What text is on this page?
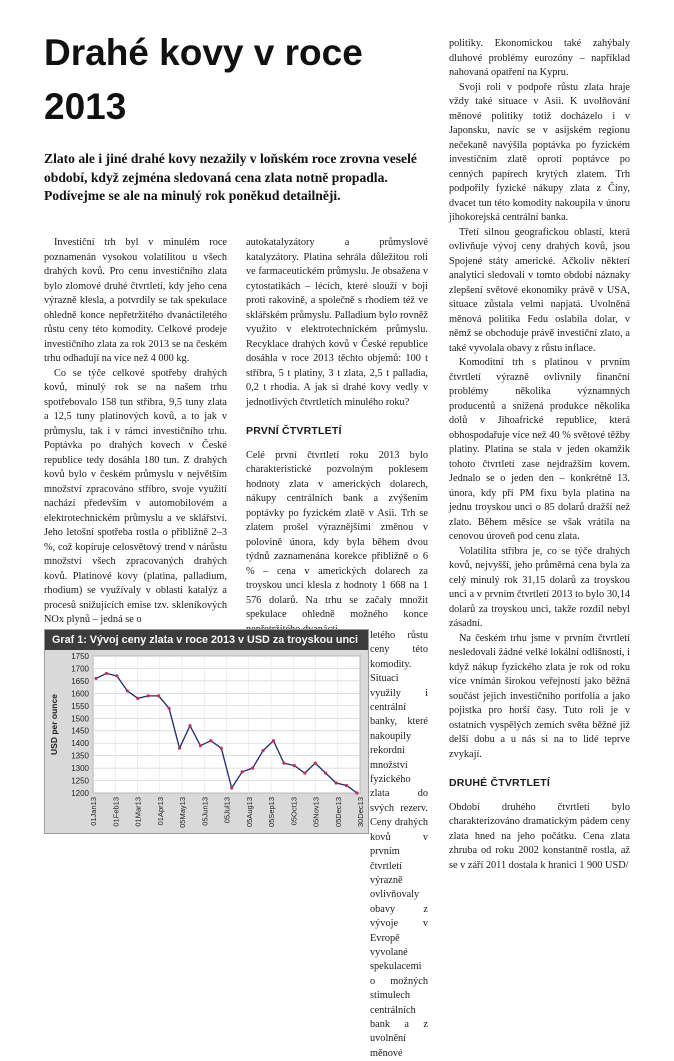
Drahé kovy v roce
2013

Zlato ale i jiné drahé kovy nezažily v loňském roce zrovna veselé období, když zejména sledovaná cena zlata notně propadla. Podívejme se ale na minulý rok poněkud detailněji.

Investiční trh byl v minulém roce poznamenán vysokou volatilitou u všech drahých kovů. Pro cenu investičního zlata bylo zlomové druhé čtvrtletí, kdy jeho cena výrazně klesla, a potvrdily se tak spekulace ohledně konce nepřetržitého dvanáctiletého růstu ceny této komodity. Celkové prodeje investičního zlata za rok 2013 se na českém trhu odhadují na více než 4 000 kg.

Co se týče celkové spotřeby drahých kovů, minulý rok se na našem trhu spotřebovalo 158 tun stříbra, 9,5 tuny zlata a 12,5 tuny platinových kovů, a to jak v průmyslu, tak i v rámci investičního trhu. Poptávka po drahých kovech v České republice tedy dosáhla 180 tun. Z drahých kovů bylo v českém průmyslu v největším množství zpracováno stříbro, svoje využití nachází především v automobilovém a elektrotechnickém průmyslu a ve sklářství. Jeho letošní spotřeba rostla o přibližně 2–3 %, což kopíruje celosvětový trend v nárůstu množství všech zpracovaných drahých kovů. Platinové kovy (platina, palladium, rhodium) se využívaly v oblasti katalýz a procesů snižujících emise tzv. skleníkových NOx plynů – jedná se o

autokatalyzátory a průmyslové katalyzátory. Platina sehrála důležitou roli ve farmaceutickém průmyslu. Je obsažena v cytostatikách – lécích, které slouží v boji proti rakovině, a společně s rhodiem též ve sklářském průmyslu. Palladium bylo rovněž využito v elektrotechnickém průmyslu. Recyklace drahých kovů v České republice dosáhla v roce 2013 těchto objemů: 100 t stříbra, 5 t platiny, 3 t zlata, 2,5 t palladia, 0,2 t rhodia. A jak si drahé kovy vedly v jednotlivých čtvrtletích minulého roku?

PRVNÍ ČTVRTLETÍ

Celé první čtvrtletí roku 2013 bylo charakteristické pozvolným poklesem hodnoty zlata v amerických dolarech, nákupy centrálních bank a zvýšením poptávky po fyzickém zlatě v Asii. Trh se zlatem prošel výraznějšími změnou v polovině února, kdy byla během dvou týdnů zaznamenána korekce přibližně o 6 % – cena v amerických dolarech za troyskou unci klesla z hodnoty 1 668 na 1 576 dolarů. Na trhu se začaly množit spekulace ohledně možného konce

letého růstu ceny této komodity. Situaci využily i centrální banky, které nakoupily rekordní množství fyzického zlata do svých rezerv. Ceny drahých kovů v prvním čtvrtletí výrazně ovlivňovaly obavy z vývoje v Evropě vyvolané spekulacemi o možných stimulech centrálních bank a z uvolnění měnové

politiky. Ekonomickou také zahýbaly dluhové problémy eurozóny – například nahovaná opatření na Kypru.

Svoji roli v podpoře růstu zlata hraje vždy také situace v Asii. K uvolňování měnové politiky totiž docházelo i v Japonsku, navíc se v asijském regionu nečekaně navýšila poptávka po fyzickém investičním zlatě oproti poptávce po cenných papírech krytých zlatem. Trh podpořily fyzické nákupy zlata z Číny, dvacet tun této komodity nakoupila v únoru jihokorejská centrální banka.

Třetí silnou geografickou oblastí, která ovlivňuje vývoj ceny drahých kovů, jsou Spojené státy americké. Ačkoliv některí analytici sledovali v tomto období náznaky zlepšení světové ekonomiky právě v USA, situace zůstala velmi napjatá. Uvolněná měnová politika Fedu oslabila dolar, v němž se obchoduje právě investiční zlato, a také vyvolala obavy z růstu inflace.

Komoditní trh s platinou v prvním čtvrtletí výrazně ovlivnily finanční problémy několika významných producentů a snížená produkce několika dolů v Jihoafrické republice, která obhospodařuje více než 40 % světové těžby platiny. Platina se stala v jeden okamžik tohoto čtvrtletí zase nejdražším kovem. Jednalo se o jeden den – konkrétně 13. února, kdy při PM fixu byla platina na jednu troyskou unci o 85 dolarů dražší než zlato. Během měsíce se však vrátila na cenovou úroveň pod cenu zlata.

Volatilita stříbra je, co se týče drahých kovů, nejvyšší, jeho průměrná cena byla za celý minulý rok 31,15 dolarů za troyskou unci a v prvním čtvrtletí 2013 to bylo 30,14 dolarů za troyskou unci, takže rozdíl nebyl zásadní.

Na českém trhu jsme v prvním čtvrtletí nesledovali žádné velké lokální odlišnosti, i když nákup fyzického zlata je rok od roku více vnímán širokou veřejností jako běžná součást jejich investičního portfolia a jako pojistka pro horší časy. Tuto roli je v ostatních vyspělých zemích světa běžné již delší dobu a u nás si na to lidé teprve zvykají.

DRUHÉ ČTVRTLETÍ

Období druhého čtvrtletí bylo charakterizováno dramatickým pádem ceny zlata hned na jeho počátku. Cena zlata zhruba od roku 2002 konstantně rostla, až se v září 2011 dostala k hranici 1 900 USD/

Graf 1: Vývoj ceny zlata v roce 2013 v USD za troyskou unci
1200
1250
1300
1350
1400
1450
1500
1550
1600
1650
1700
1750
01Jan13 01Feb13 01Mar13 01Apr13 05May13 05Jun13 05Jul13 05Aug13 05Sep13 05Oct13 05Nov13 05Dec13 30Dec13
USD per ounce
